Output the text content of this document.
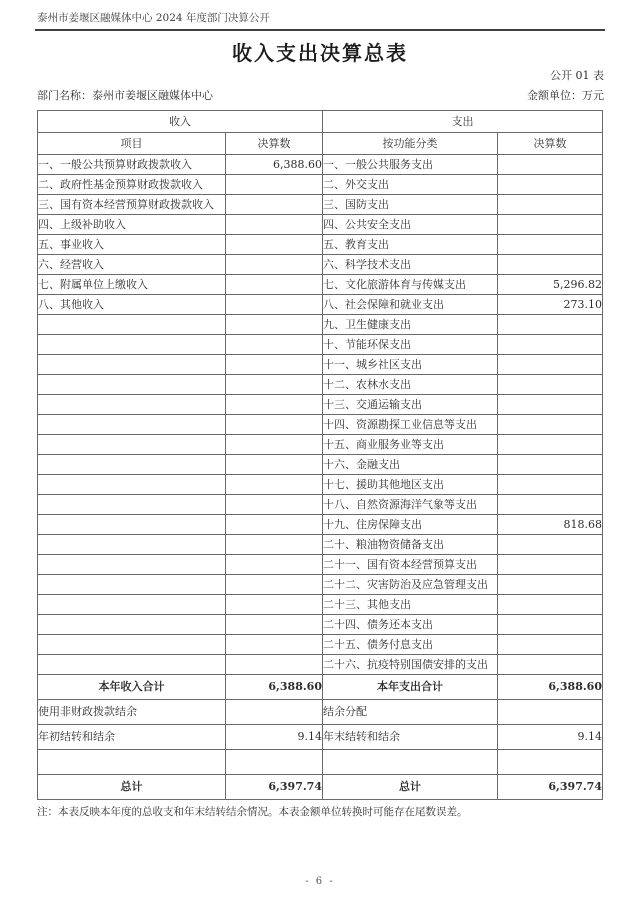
泰州市姜堰区融媒体中心 2024 年度部门决算公开
收入支出决算总表
公开 01 表
部门名称：泰州市姜堰区融媒体中心	金额单位：万元
收入		支出	
项目	决算数	按功能分类	决算数
一、一般公共预算财政拨款收入	6,388.60	一、一般公共服务支出	
二、政府性基金预算财政拨款收入		二、外交支出	
三、国有资本经营预算财政拨款收入		三、国防支出	
四、上级补助收入		四、公共安全支出	
五、事业收入		五、教育支出	
六、经营收入		六、科学技术支出	
七、附属单位上缴收入		七、文化旅游体育与传媒支出	5,296.82
八、其他收入		八、社会保障和就业支出	273.10
		九、卫生健康支出	
		十、节能环保支出	
		十一、城乡社区支出	
		十二、农林水支出	
		十三、交通运输支出	
		十四、资源勘探工业信息等支出	
		十五、商业服务业等支出	
		十六、金融支出	
		十七、援助其他地区支出	
		十八、自然资源海洋气象等支出	
		十九、住房保障支出	818.68
		二十、粮油物资储备支出	
		二十一、国有资本经营预算支出	
		二十二、灾害防治及应急管理支出	
		二十三、其他支出	
		二十四、债务还本支出	
		二十五、债务付息支出	
		二十六、抗疫特别国债安排的支出	
本年收入合计	6,388.60	本年支出合计	6,388.60
使用非财政拨款结余		结余分配	
年初结转和结余	9.14	年末结转和结余	9.14

总计	6,397.74	总计	6,397.74
注：本表反映本年度的总收支和年末结转结余情况。本表金额单位转换时可能存在尾数误差。
- 6 -
